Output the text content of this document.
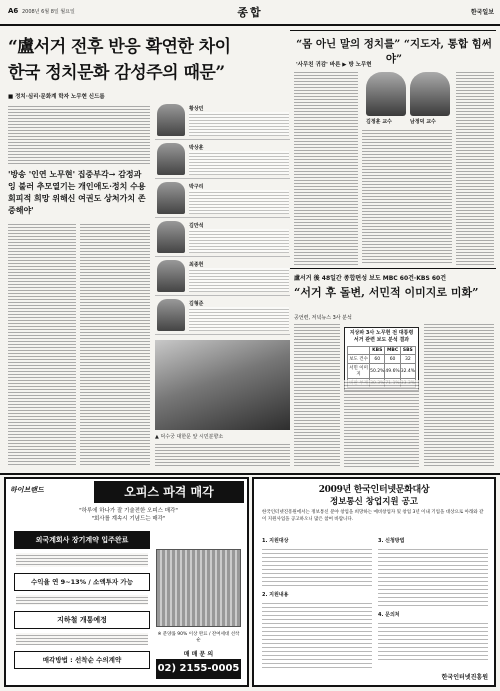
A6 2008년 6월 8일 월요일	종합	한국일보
“盧서거 전후 반응 확연한 차이
한국 정치문화 감성주의 때문”
■ 정치·심리·문화계 학자 노무현 신드롬
'방송 '인연 노무현' 집중부각→ 감정과잉 불러 추모열기는 개인애도·정치 수용 회피적 희망 위해신 여권도 상처가치 존중해야'
황상민
박상훈
박구리
김만석
최종헌
김형준
▲ 덕수궁 대한문 앞 시민분향소
“몸 아닌 말의 정치를” “지도자, 통합 힘써야”
'사무친 귀감' 바른 ▶ 방 노무현
김정훈 교수	남정덕 교수
盧서거 後 48일간 종합편성 보도 MBC 60건·KBS 60건
“서거 후 돌변, 서민적 이미지로 미화”
공언련, 저녁뉴스 3사 분석
지상파 3사 노무현 전 대통령 서거 관련 보도 분석 결과
	KBS	MBC	SBS
보도 건수	60	60	32
서민 이미지	50.2%	49.6%	32.4%

하이브랜드	오피스 파격 매각
"하루에 하나가 잘 기술전한 오피스 매각"
"회사를 계속시 기념드는 매각"
외국계회사 장기계약 입주완료
수익율 연 9~13% / 소액투자 가능
지하철 개통예정
매각방법 : 선착순 수의계약
※ 분양률 90% 이상 완료 / 잔여세대 선착순
매 매 문 의
02) 2155-0005
2009년 한국인터넷문화대상
정보통신 창업지원 공고
한국인터넷진흥원에서는 정보통신 분야 창업을 희망하는 예비창업자 및 창업 3년 이내 기업을 대상으로 아래와 같이 지원사업을 공고하오니 많은 참여 바랍니다.
1. 지원대상
2. 지원내용
3. 신청방법
4. 문의처
한국인터넷진흥원
